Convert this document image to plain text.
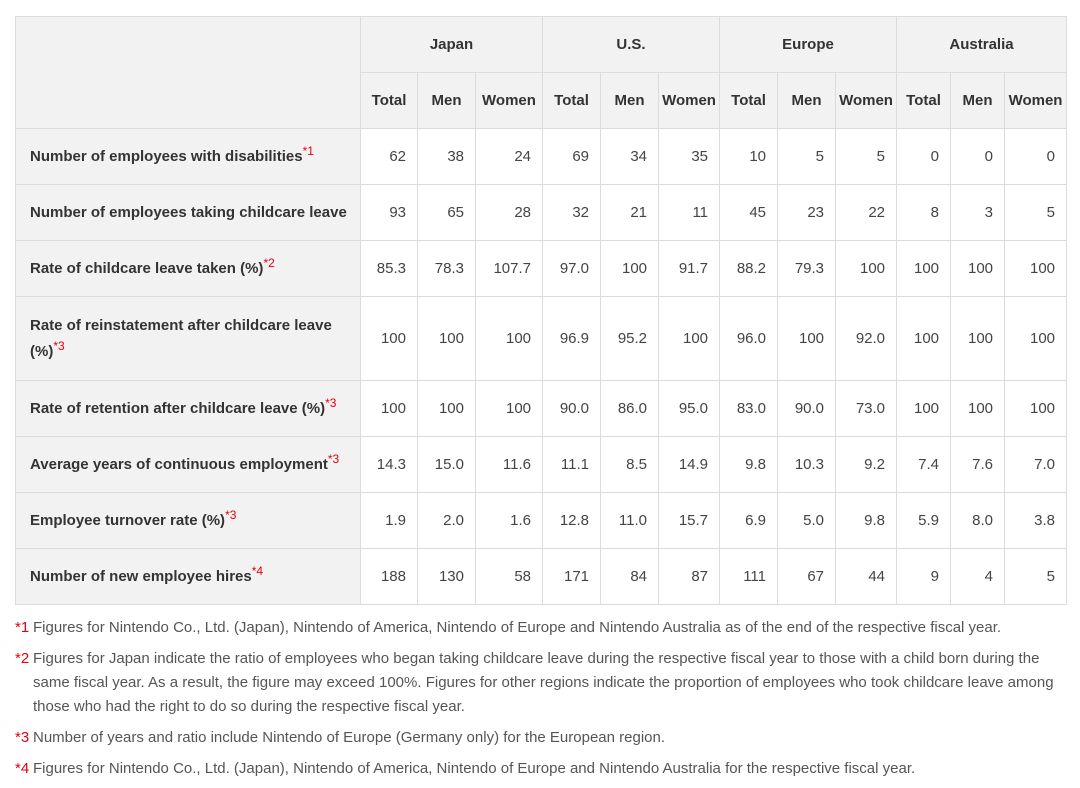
	Japan			U.S.			Europe			Australia		
	Total	Men	Women	Total	Men	Women	Total	Men	Women	Total	Men	Women
Number of employees with disabilities$^{*1}$	62	38	24	69	34	35	10	5	5	0	0	0
Number of employees taking childcare leave	93	65	28	32	21	11	45	23	22	8	3	5
Rate of childcare leave taken (%)$^{*2}$	85.3	78.3	107.7	97.0	100	91.7	88.2	79.3	100	100	100	100
Rate of reinstatement after childcare leave (%)$^{*3}$	100	100	100	96.9	95.2	100	96.0	100	92.0	100	100	100
Rate of retention after childcare leave (%)$^{*3}$	100	100	100	90.0	86.0	95.0	83.0	90.0	73.0	100	100	100
Average years of continuous employment$^{*3}$	14.3	15.0	11.6	11.1	8.5	14.9	9.8	10.3	9.2	7.4	7.6	7.0
Employee turnover rate (%)$^{*3}$	1.9	2.0	1.6	12.8	11.0	15.7	6.9	5.0	9.8	5.9	8.0	3.8
Number of new employee hires$^{*4}$	188	130	58	171	84	87	111	67	44	9	4	5
*1 Figures for Nintendo Co., Ltd. (Japan), Nintendo of America, Nintendo of Europe and Nintendo Australia as of the end of the respective fiscal year.
*2 Figures for Japan indicate the ratio of employees who began taking childcare leave during the respective fiscal year to those with a child born during the same fiscal year. As a result, the figure may exceed 100%. Figures for other regions indicate the proportion of employees who took childcare leave among those who had the right to do so during the respective fiscal year.
*3 Number of years and ratio include Nintendo of Europe (Germany only) for the European region.
*4 Figures for Nintendo Co., Ltd. (Japan), Nintendo of America, Nintendo of Europe and Nintendo Australia for the respective fiscal year.
